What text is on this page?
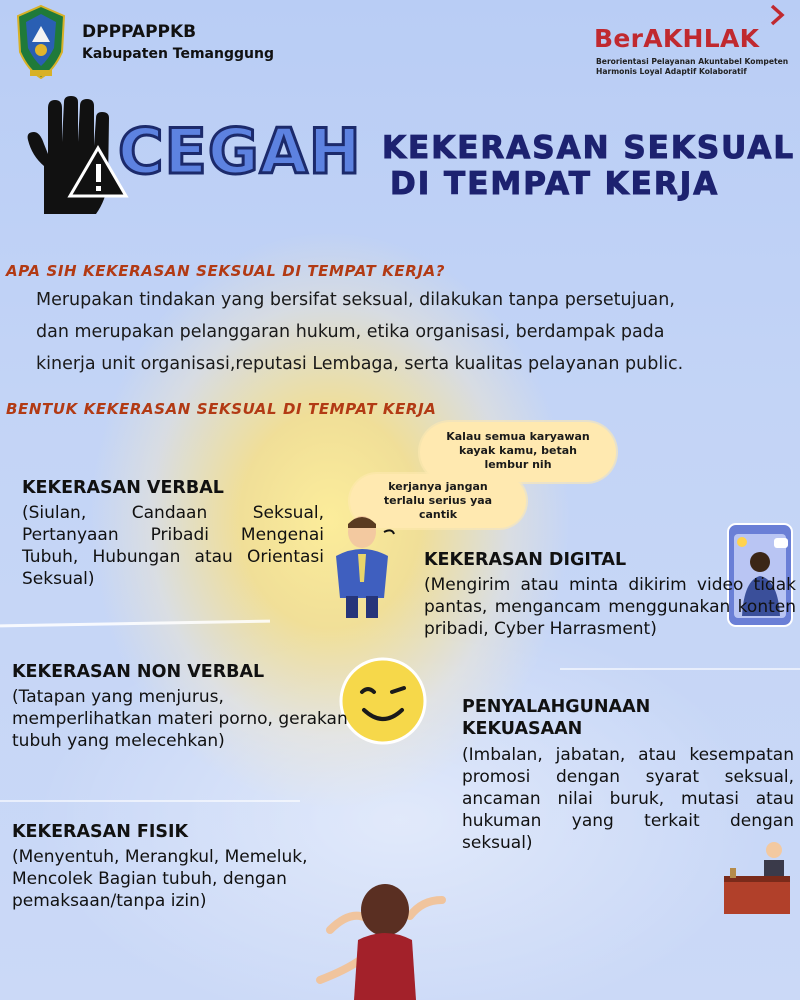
DPPPAPPKB
Kabupaten Temanggung
BerAKHLAK
Berorientasi Pelayanan Akuntabel Kompeten
Harmonis Loyal Adaptif Kolaboratif
CEGAH KEKERASAN SEKSUAL
DI TEMPAT KERJA
APA SIH KEKERASAN SEKSUAL DI TEMPAT KERJA?
Merupakan tindakan yang bersifat seksual, dilakukan tanpa persetujuan,
dan merupakan pelanggaran hukum, etika organisasi, berdampak pada
kinerja unit organisasi,reputasi Lembaga, serta kualitas pelayanan public.
BENTUK KEKERASAN SEKSUAL DI TEMPAT KERJA
Kalau semua karyawan kayak kamu, betah lembur nih
kerjanya jangan terlalu serius yaa cantik
KEKERASAN VERBAL
(Siulan, Candaan Seksual, Pertanyaan Pribadi Mengenai Tubuh, Hubungan atau Orientasi Seksual)
KEKERASAN DIGITAL
(Mengirim atau minta dikirim video tidak pantas, mengancam menggunakan konten pribadi, Cyber Harrasment)
KEKERASAN NON VERBAL
(Tatapan yang menjurus, memperlihatkan materi porno, gerakan tubuh yang melecehkan)
PENYALAHGUNAAN KEKUASAAN
(Imbalan, jabatan, atau kesempatan promosi dengan syarat seksual, ancaman nilai buruk, mutasi atau hukuman yang terkait dengan seksual)
KEKERASAN FISIK
(Menyentuh, Merangkul, Memeluk, Mencolek Bagian tubuh, dengan pemaksaan/tanpa izin)
